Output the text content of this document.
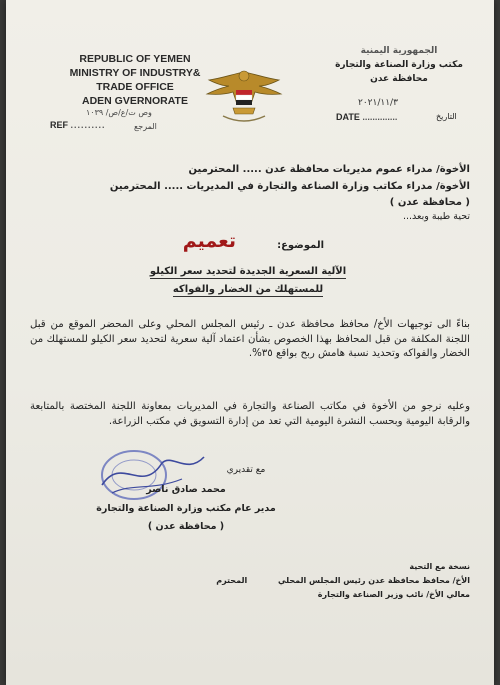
REPUBLIC OF YEMEN
MINISTRY OF INDUSTRY&
TRADE OFFICE
ADEN GVERNORATE
وص ت/ع/ص/ ١٠٣٩
REF ..........	المرجع
الجمهورية اليمنية
مكتب وزارة الصناعة والتجارة
محافظة عدن
٢٠٢١/١١/٣
DATE ..............	التاريخ
الأخوة/ مدراء عموم مديريات محافظة عدن ..... المحترمين
الأخوة/ مدراء مكاتب وزارة الصناعة والتجارة في المديريات ..... المحترمين
( محافظة عدن )
تحية طيبة وبعد...
الموضوع:
تعميم
الآلية السعرية الجديدة لتحديد سعر الكيلو
للمستهلك من الخضار والفواكه
بناءً الى توجيهات الأخ/ محافظ محافظة عدن ـ رئيس المجلس المحلي وعلى المحضر الموقع من قبل اللجنة المكلفة من قبل المحافظ بهذا الخصوص بشأن اعتماد آلية سعرية لتحديد سعر الكيلو للمستهلك من الخضار والفواكه وتحديد نسبة هامش ربح بواقع ٣٥%.
وعليه نرجو من الأخوة في مكاتب الصناعة والتجارة في المديريات بمعاونة اللجنة المختصة بالمتابعة والرقابة اليومية وبحسب النشرة اليومية التي تعد من إدارة التسويق في مكتب الزراعة.
مع تقديري
محمد صادق ناصر
مدير عام مكتب وزارة الصناعة والتجارة
( محافظة عدن )
نسخة مع التحية
الأخ/ محافظ محافظة عدن رئيس المجلس المحلي المحترم
معالي الأخ/ نائب وزير الصناعة والتجارة
